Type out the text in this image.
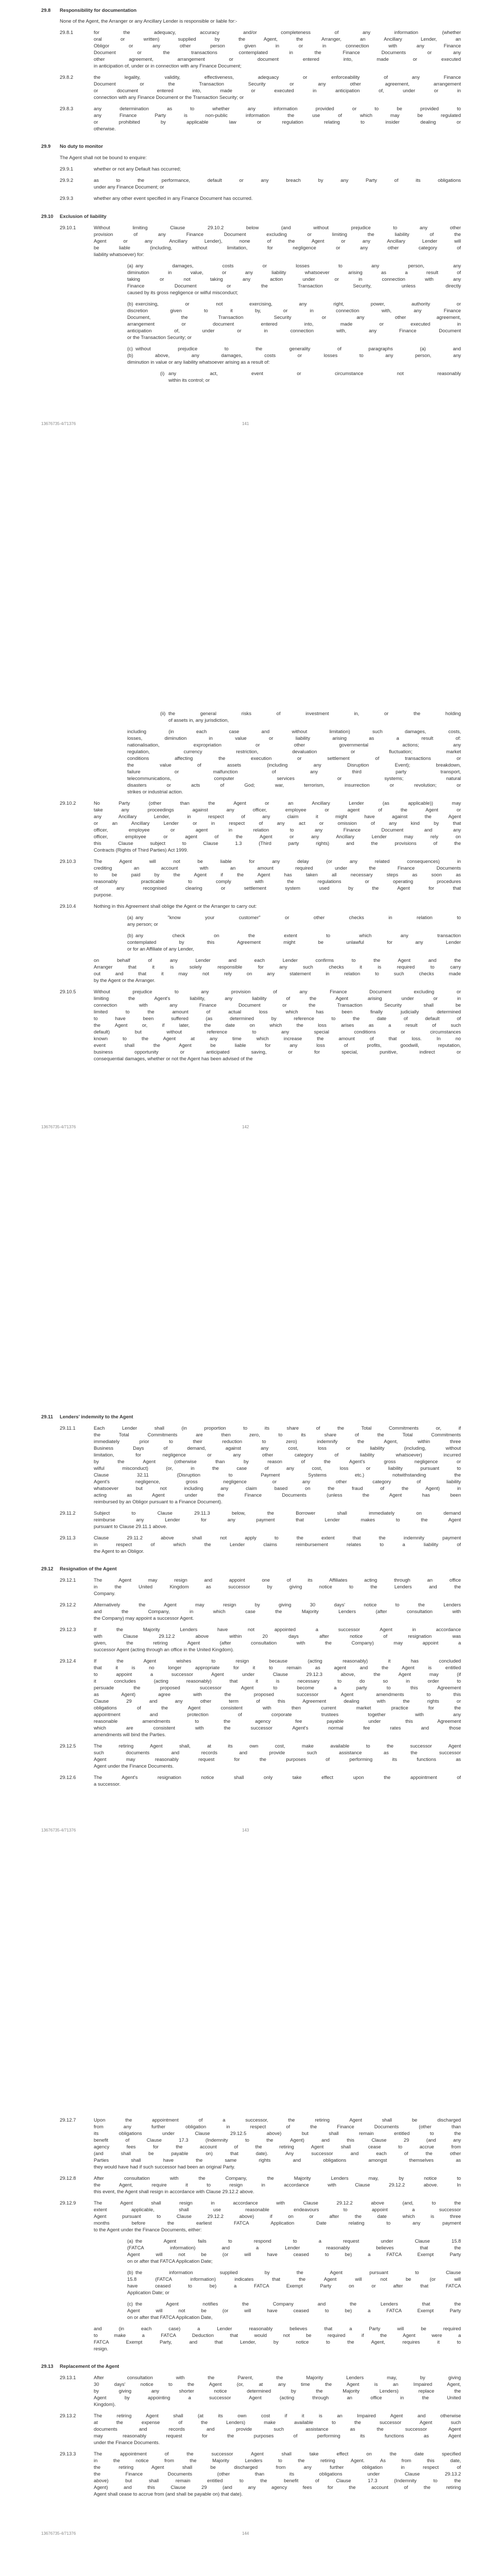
29.8 Responsibility for documentation
None of the Agent, the Arranger or any Ancillary Lender is responsible or liable for:-
29.8.1	for the adequacy, accuracy and/or completeness of any information (whether
oral or written) supplied by the Agent, the Arranger, an Ancillary Lender, an
Obligor or any other person given in or in connection with any Finance
Document or the transactions contemplated in the Finance Documents or any
other agreement, arrangement or document entered into, made or executed
in anticipation of, under or in connection with any Finance Document;
29.8.2	the legality, validity, effectiveness, adequacy or enforceability of any Finance
Document or the Transaction Security or any other agreement, arrangement
or document entered into, made or executed in anticipation of, under or in
connection with any Finance Document or the Transaction Security; or
29.8.3	any determination as to whether any information provided or to be provided to
any Finance Party is non-public information the use of which may be regulated
or prohibited by applicable law or regulation relating to insider dealing or
otherwise.
29.9 No duty to monitor
The Agent shall not be bound to enquire:
29.9.1	whether or not any Default has occurred;
29.9.2	as to the performance, default or any breach by any Party of its obligations
under any Finance Document; or
29.9.3	whether any other event specified in any Finance Document has occurred.
29.10 Exclusion of liability
29.10.1	Without limiting Clause 29.10.2 below (and without prejudice to any other
provision of any Finance Document excluding or limiting the liability of the
Agent or any Ancillary Lender), none of the Agent or any Ancillary Lender will
be liable (including, without limitation, for negligence or any other category of
liability whatsoever) for:
(a) any damages, costs or losses to any person, any
diminution in value, or any liability whatsoever arising as a result of
taking or not taking any action under or in connection with any
Finance Document or the Transaction Security, unless directly
caused by its gross negligence or wilful misconduct;
(b) exercising, or not exercising, any right, power, authority or
discretion given to it by, or in connection with, any Finance
Document, the Transaction Security or any other agreement,
arrangement or document entered into, made or executed in
anticipation of, under or in connection with, any Finance Document
or the Transaction Security; or
(c) without prejudice to the generality of paragraphs (a) and
(b) above, any damages, costs or losses to any person, any
diminution in value or any liability whatsoever arising as a result of:
(i) any act, event or circumstance not reasonably
within its control; or
13676735-4/71376	141
(ii) the general risks of investment in, or the holding
of assets in, any jurisdiction,
including (in each case and without limitation) such damages, costs,
losses, diminution in value or liability arising as a result of:
nationalisation, expropriation or other governmental actions; any
regulation, currency restriction, devaluation or fluctuation; market
conditions affecting the execution or settlement of transactions or
the value of assets (including any Disruption Event); breakdown,
failure or malfunction of any third party transport,
telecommunications, computer services or systems; natural
disasters or acts of God; war, terrorism, insurrection or revolution; or
strikes or industrial action.
29.10.2	No Party (other than the Agent or an Ancillary Lender (as applicable)) may
take any proceedings against any officer, employee or agent of the Agent or
any Ancillary Lender, in respect of any claim it might have against the Agent
or an Ancillary Lender or in respect of any act or omission of any kind by that
officer, employee or agent in relation to any Finance Document and any
officer, employee or agent of the Agent or any Ancillary Lender may rely on
this Clause subject to Clause 1.3 (Third party rights) and the provisions of the
Contracts (Rights of Third Parties) Act 1999.
29.10.3	The Agent will not be liable for any delay (or any related consequences) in
crediting an account with an amount required under the Finance Documents
to be paid by the Agent if the Agent has taken all necessary steps as soon as
reasonably practicable to comply with the regulations or operating procedures
of any recognised clearing or settlement system used by the Agent for that
purpose.
29.10.4	Nothing in this Agreement shall oblige the Agent or the Arranger to carry out:
(a) any "know your customer" or other checks in relation to
any person; or
(b) any check on the extent to which any transaction
contemplated by this Agreement might be unlawful for any Lender
or for an Affiliate of any Lender,
on behalf of any Lender and each Lender confirms to the Agent and the
Arranger that it is solely responsible for any such checks it is required to carry
out and that it may not rely on any statement in relation to such checks made
by the Agent or the Arranger.
29.10.5	Without prejudice to any provision of any Finance Document excluding or
limiting the Agent's liability, any liability of the Agent arising under or in
connection with any Finance Document or the Transaction Security shall be
limited to the amount of actual loss which has been finally judicially determined
to have been suffered (as determined by reference to the date of default of
the Agent or, if later, the date on which the loss arises as a result of such
default) but without reference to any special conditions or circumstances
known to the Agent at any time which increase the amount of that loss. In no
event shall the Agent be liable for any loss of profits, goodwill, reputation,
business opportunity or anticipated saving, or for special, punitive, indirect or
consequential damages, whether or not the Agent has been advised of the
13676735-4/71376	142
29.11 Lenders' indemnity to the Agent
29.11.1	Each Lender shall (in proportion to its share of the Total Commitments or, if
the Total Commitments are then zero, to its share of the Total Commitments
immediately prior to their reduction to zero) indemnify the Agent, within three
Business Days of demand, against any cost, loss or liability (including, without
limitation, for negligence or any other category of liability whatsoever) incurred
by the Agent (otherwise than by reason of the Agent's gross negligence or
wilful misconduct) (or, in the case of any cost, loss or liability pursuant to
Clause 32.11 (Disruption to Payment Systems etc.) notwithstanding the
Agent's negligence, gross negligence or any other category of liability
whatsoever but not including any claim based on the fraud of the Agent) in
acting as Agent under the Finance Documents (unless the Agent has been
reimbursed by an Obligor pursuant to a Finance Document).
29.11.2	Subject to Clause 29.11.3 below, the Borrower shall immediately on demand
reimburse any Lender for any payment that Lender makes to the Agent
pursuant to Clause 29.11.1 above.
29.11.3	Clause 29.11.2 above shall not apply to the extent that the indemnity payment
in respect of which the Lender claims reimbursement relates to a liability of
the Agent to an Obligor.
29.12 Resignation of the Agent
29.12.1	The Agent may resign and appoint one of its Affiliates acting through an office
in the United Kingdom as successor by giving notice to the Lenders and the
Company.
29.12.2	Alternatively the Agent may resign by giving 30 days' notice to the Lenders
and the Company, in which case the Majority Lenders (after consultation with
the Company) may appoint a successor Agent.
29.12.3	If the Majority Lenders have not appointed a successor Agent in accordance
with Clause 29.12.2 above within 20 days after notice of resignation was
given, the retiring Agent (after consultation with the Company) may appoint a
successor Agent (acting through an office in the United Kingdom).
29.12.4	If the Agent wishes to resign because (acting reasonably) it has concluded
that it is no longer appropriate for it to remain as agent and the Agent is entitled
to appoint a successor Agent under Clause 29.12.3 above, the Agent may (if
it concludes (acting reasonably) that it is necessary to do so in order to
persuade the proposed successor Agent to become a party to this Agreement
as Agent) agree with the proposed successor Agent amendments to this
Clause 29 and any other term of this Agreement dealing with the rights or
obligations of the Agent consistent with then current market practice for the
appointment and protection of corporate trustees together with any
reasonable amendments to the agency fee payable under this Agreement
which are consistent with the successor Agent's normal fee rates and those
amendments will bind the Parties.
29.12.5	The retiring Agent shall, at its own cost, make available to the successor Agent
such documents and records and provide such assistance as the successor
Agent may reasonably request for the purposes of performing its functions as
Agent under the Finance Documents.
29.12.6	The Agent's resignation notice shall only take effect upon the appointment of
a successor.
13676735-4/71376	143
29.12.7	Upon the appointment of a successor, the retiring Agent shall be discharged
from any further obligation in respect of the Finance Documents (other than
its obligations under Clause 29.12.5 above) but shall remain entitled to the
benefit of Clause 17.3 (Indemnity to the Agent) and this Clause 29 (and any
agency fees for the account of the retiring Agent shall cease to accrue from
(and shall be payable on) that date). Any successor and each of the other
Parties shall have the same rights and obligations amongst themselves as
they would have had if such successor had been an original Party.
29.12.8	After consultation with the Company, the Majority Lenders may, by notice to
the Agent, require it to resign in accordance with Clause 29.12.2 above. In
this event, the Agent shall resign in accordance with Clause 29.12.2 above.
29.12.9	The Agent shall resign in accordance with Clause 29.12.2 above (and, to the
extent applicable, shall use reasonable endeavours to appoint a successor
Agent pursuant to Clause 29.12.2 above) if on or after the date which is three
months before the earliest FATCA Application Date relating to any payment
to the Agent under the Finance Documents, either:
(a) the Agent fails to respond to a request under Clause 15.8
(FATCA information) and a Lender reasonably believes that the
Agent will not be (or will have ceased to be) a FATCA Exempt Party
on or after that FATCA Application Date;
(b) the information supplied by the Agent pursuant to Clause
15.8 (FATCA information) indicates that the Agent will not be (or will
have ceased to be) a FATCA Exempt Party on or after that FATCA
Application Date; or
(c) the Agent notifies the Company and the Lenders that the
Agent will not be (or will have ceased to be) a FATCA Exempt Party
on or after that FATCA Application Date,
and (in each case) a Lender reasonably believes that a Party will be required
to make a FATCA Deduction that would not be required if the Agent were a
FATCA Exempt Party, and that Lender, by notice to the Agent, requires it to
resign.
29.13 Replacement of the Agent
29.13.1	After consultation with the Parent, the Majority Lenders may, by giving
30 days' notice to the Agent (or, at any time the Agent is an Impaired Agent,
by giving any shorter notice determined by the Majority Lenders) replace the
Agent by appointing a successor Agent (acting through an office in the United
Kingdom).
29.13.2	The retiring Agent shall (at its own cost if it is an Impaired Agent and otherwise
at the expense of the Lenders) make available to the successor Agent such
documents and records and provide such assistance as the successor Agent
may reasonably request for the purposes of performing its functions as Agent
under the Finance Documents.
29.13.3	The appointment of the successor Agent shall take effect on the date specified
in the notice from the Majority Lenders to the retiring Agent. As from this date,
the retiring Agent shall be discharged from any further obligation in respect of
the Finance Documents (other than its obligations under Clause 29.13.2
above) but shall remain entitled to the benefit of Clause 17.3 (Indemnity to the
Agent) and this Clause 29 (and any agency fees for the account of the retiring
Agent shall cease to accrue from (and shall be payable on) that date).
13676735-4/71376	144
